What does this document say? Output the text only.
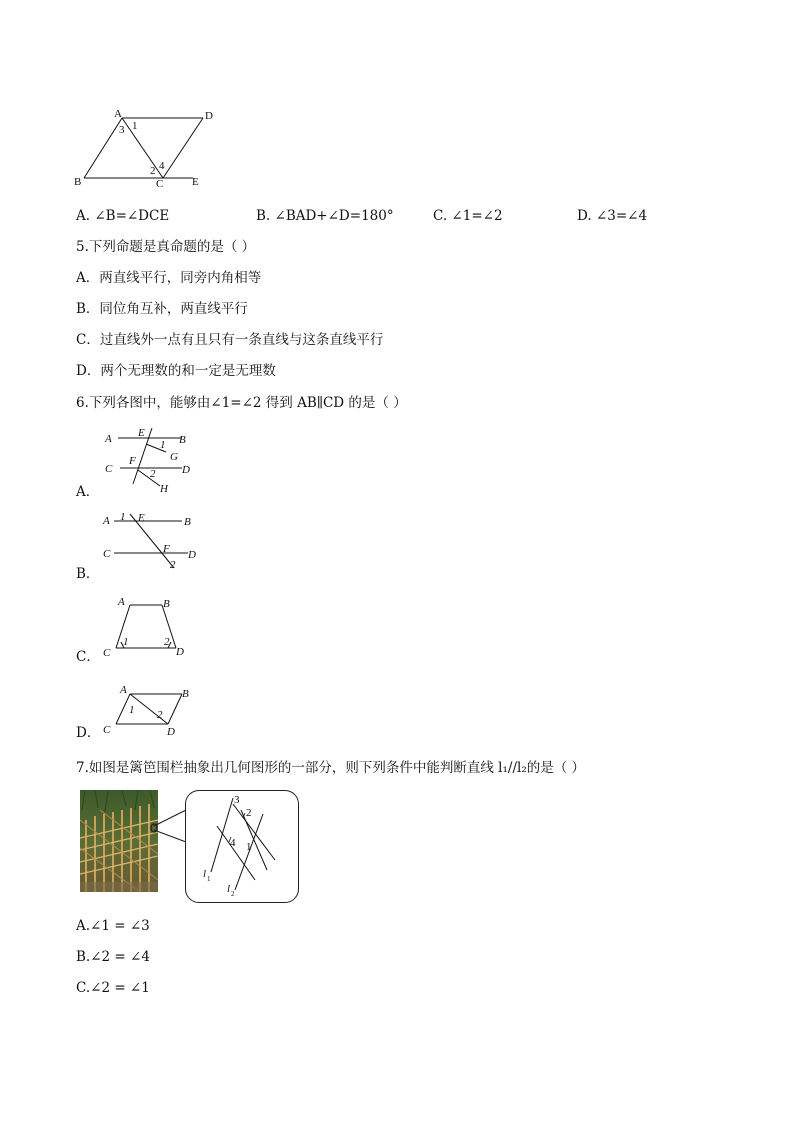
A	D
B	C	E
1
3
2 4
A. ∠B=∠DCE	B. ∠BAD+∠D=180°	C. ∠1=∠2	D. ∠3=∠4
5.下列命题是真命题的是（ ）
A．两直线平行，同旁内角相等
B．同位角互补，两直线平行
C．过直线外一点有且只有一条直线与这条直线平行
D．两个无理数的和一定是无理数
6.下列各图中，能够由∠1=∠2 得到 AB∥CD 的是（ ）
A E
B
1
G
C
F
D
2
H
A．
A 1 E	B
C	F D
2
B．
A	B
C
1	2
D
C．
A	B
1 2
C	D
D．
7.如图是篱笆围栏抽象出几何图形的一部分，则下列条件中能判断直线 l₁//l₂的是（ ）
3
2
4 1
l 1
l 2
A.∠1 = ∠3
B.∠2 = ∠4
C.∠2 = ∠1
